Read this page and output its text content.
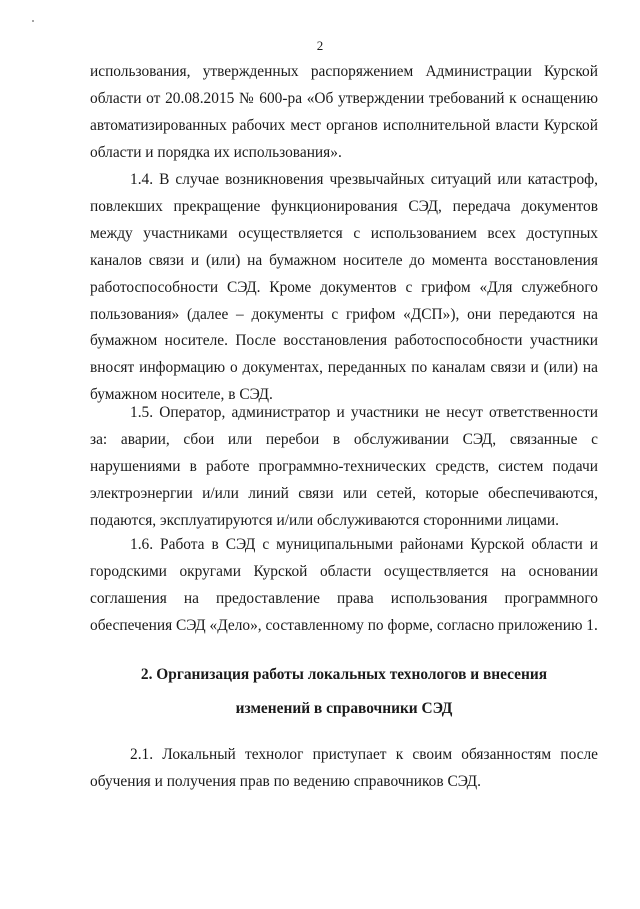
2

использования, утвержденных распоряжением Администрации Курской области от 20.08.2015 № 600-ра «Об утверждении требований к оснащению автоматизированных рабочих мест органов исполнительной власти Курской области и порядка их использования».

1.4. В случае возникновения чрезвычайных ситуаций или катастроф, повлекших прекращение функционирования СЭД, передача документов между участниками осуществляется с использованием всех доступных каналов связи и (или) на бумажном носителе до момента восстановления работоспособности СЭД. Кроме документов с грифом «Для служебного пользования» (далее – документы с грифом «ДСП»), они передаются на бумажном носителе. После восстановления работоспособности участники вносят информацию о документах, переданных по каналам связи и (или) на бумажном носителе, в СЭД.

1.5. Оператор, администратор и участники не несут ответственности за: аварии, сбои или перебои в обслуживании СЭД, связанные с нарушениями в работе программно-технических средств, систем подачи электроэнергии и/или линий связи или сетей, которые обеспечиваются, подаются, эксплуатируются и/или обслуживаются сторонними лицами.

1.6. Работа в СЭД с муниципальными районами Курской области и городскими округами Курской области осуществляется на основании соглашения на предоставление права использования программного обеспечения СЭД «Дело», составленному по форме, согласно приложению 1.

2. Организация работы локальных технологов и внесения
изменений в справочники СЭД

2.1. Локальный технолог приступает к своим обязанностям после обучения и получения прав по ведению справочников СЭД.
